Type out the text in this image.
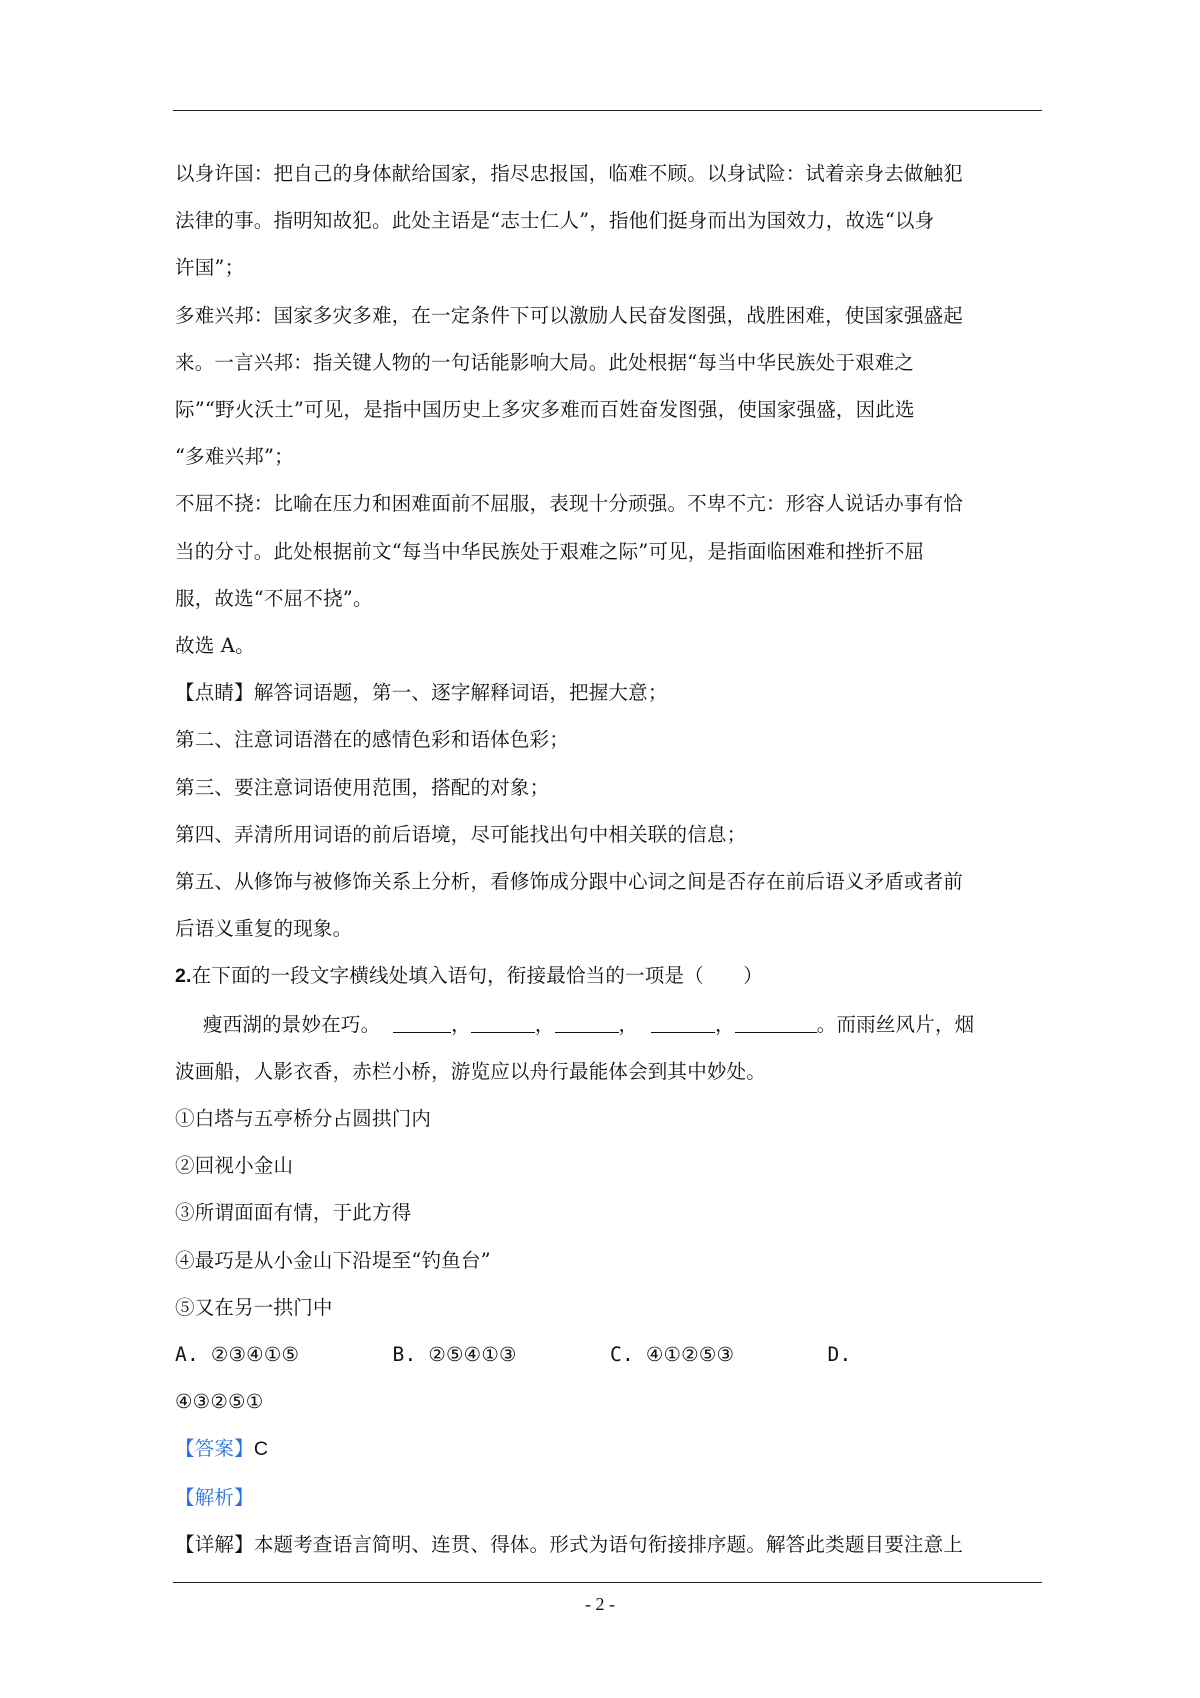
以身许国：把自己的身体献给国家，指尽忠报国，临难不顾。以身试险：试着亲身去做触犯
法律的事。指明知故犯。此处主语是“志士仁人”，指他们挺身而出为国效力，故选“以身
许国”；
多难兴邦：国家多灾多难，在一定条件下可以激励人民奋发图强，战胜困难，使国家强盛起
来。一言兴邦：指关键人物的一句话能影响大局。此处根据“每当中华民族处于艰难之
际”“野火沃土”可见，是指中国历史上多灾多难而百姓奋发图强，使国家强盛，因此选
“多难兴邦”；
不屈不挠：比喻在压力和困难面前不屈服，表现十分顽强。不卑不亢：形容人说话办事有恰
当的分寸。此处根据前文“每当中华民族处于艰难之际”可见，是指面临困难和挫折不屈
服，故选“不屈不挠”。
故选 A。
【点睛】解答词语题，第一、逐字解释词语，把握大意；
第二、注意词语潜在的感情色彩和语体色彩；
第三、要注意词语使用范围，搭配的对象；
第四、弄清所用词语的前后语境，尽可能找出句中相关联的信息；
第五、从修饰与被修饰关系上分析，看修饰成分跟中心词之间是否存在前后语义矛盾或者前
后语义重复的现象。
2.在下面的一段文字横线处填入语句，衔接最恰当的一项是（　　）
瘦西湖的景妙在巧。	，	，	，	，	。而雨丝风片，烟
波画船，人影衣香，赤栏小桥，游览应以舟行最能体会到其中妙处。
①白塔与五亭桥分占圆拱门内
②回视小金山
③所谓面面有情，于此方得
④最巧是从小金山下沿堤至“钓鱼台”
⑤又在另一拱门中
A. ②③④①⑤	B. ②⑤④①③	C. ④①②⑤③	D.
④③②⑤①
【答案】C
【解析】
【详解】本题考查语言简明、连贯、得体。形式为语句衔接排序题。解答此类题目要注意上
- 2 -
